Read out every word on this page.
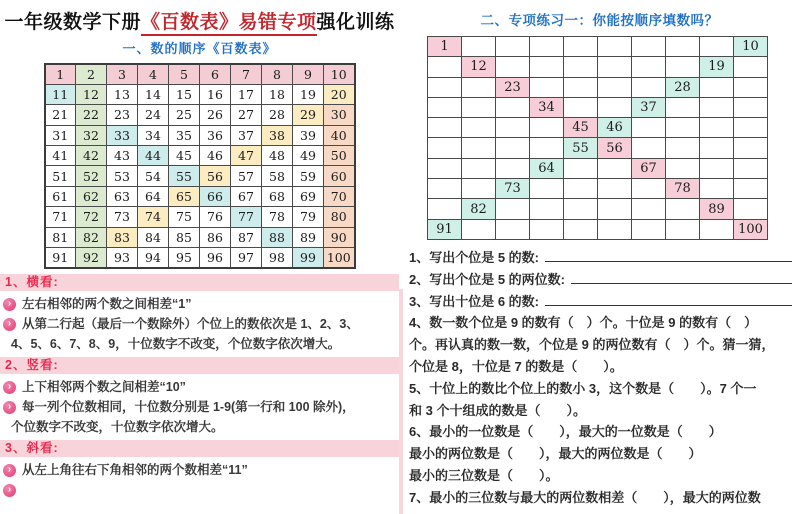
一年级数学下册《百数表》易错专项强化训练
一、数的顺序《百数表》
1	2	3	4	5	6	7	8	9	10
11	12	13	14	15	16	17	18	19	20
21	22	23	24	25	26	27	28	29	30
31	32	33	34	35	36	37	38	39	40
41	42	43	44	45	46	47	48	49	50
51	52	53	54	55	56	57	58	59	60
61	62	63	64	65	66	67	68	69	70
71	72	73	74	75	76	77	78	79	80
81	82	83	84	85	86	87	88	89	90
91	92	93	94	95	96	97	98	99	100
1、横看:
› 左右相邻的两个数之间相差“1”
› 从第二行起（最后一个数除外）个位上的数依次是 1、2、3、
4、5、6、7、8、9，十位数字不改变，个位数字依次增大。
2、竖看:
› 上下相邻两个数之间相差“10”
› 每一列个位数相同，十位数分别是 1-9(第一行和 100 除外)，
个位数字不改变，十位数字依次增大。
3、斜看:
› 从左上角往右下角相邻的两个数相差“11”
›
二、专项练习一：你能按顺序填数吗？
1									10
	12							19	
		23					28		
			34			37			
				45	46				
				55	56				
			64			67			
		73					78		
	82							89	
91									100
1、写出个位是 5 的数:
2、写出个位是 5 的两位数:
3、写出十位是 6 的数:
4、数一数个位是 9 的数有（　）个。十位是 9 的数有（　）
个。再认真的数一数，个位是 9 的两位数有（　）个。猜一猜，
个位是 8，十位是 7 的数是（　　）。
5、十位上的数比个位上的数小 3，这个数是（　　）。7 个一
和 3 个十组成的数是（　　）。
6、最小的一位数是（　　），最大的一位数是（　　）
最小的两位数是（　　），最大的两位数是（　　）
最小的三位数是（　　）。
7、最小的三位数与最大的两位数相差（　　），最大的两位数
